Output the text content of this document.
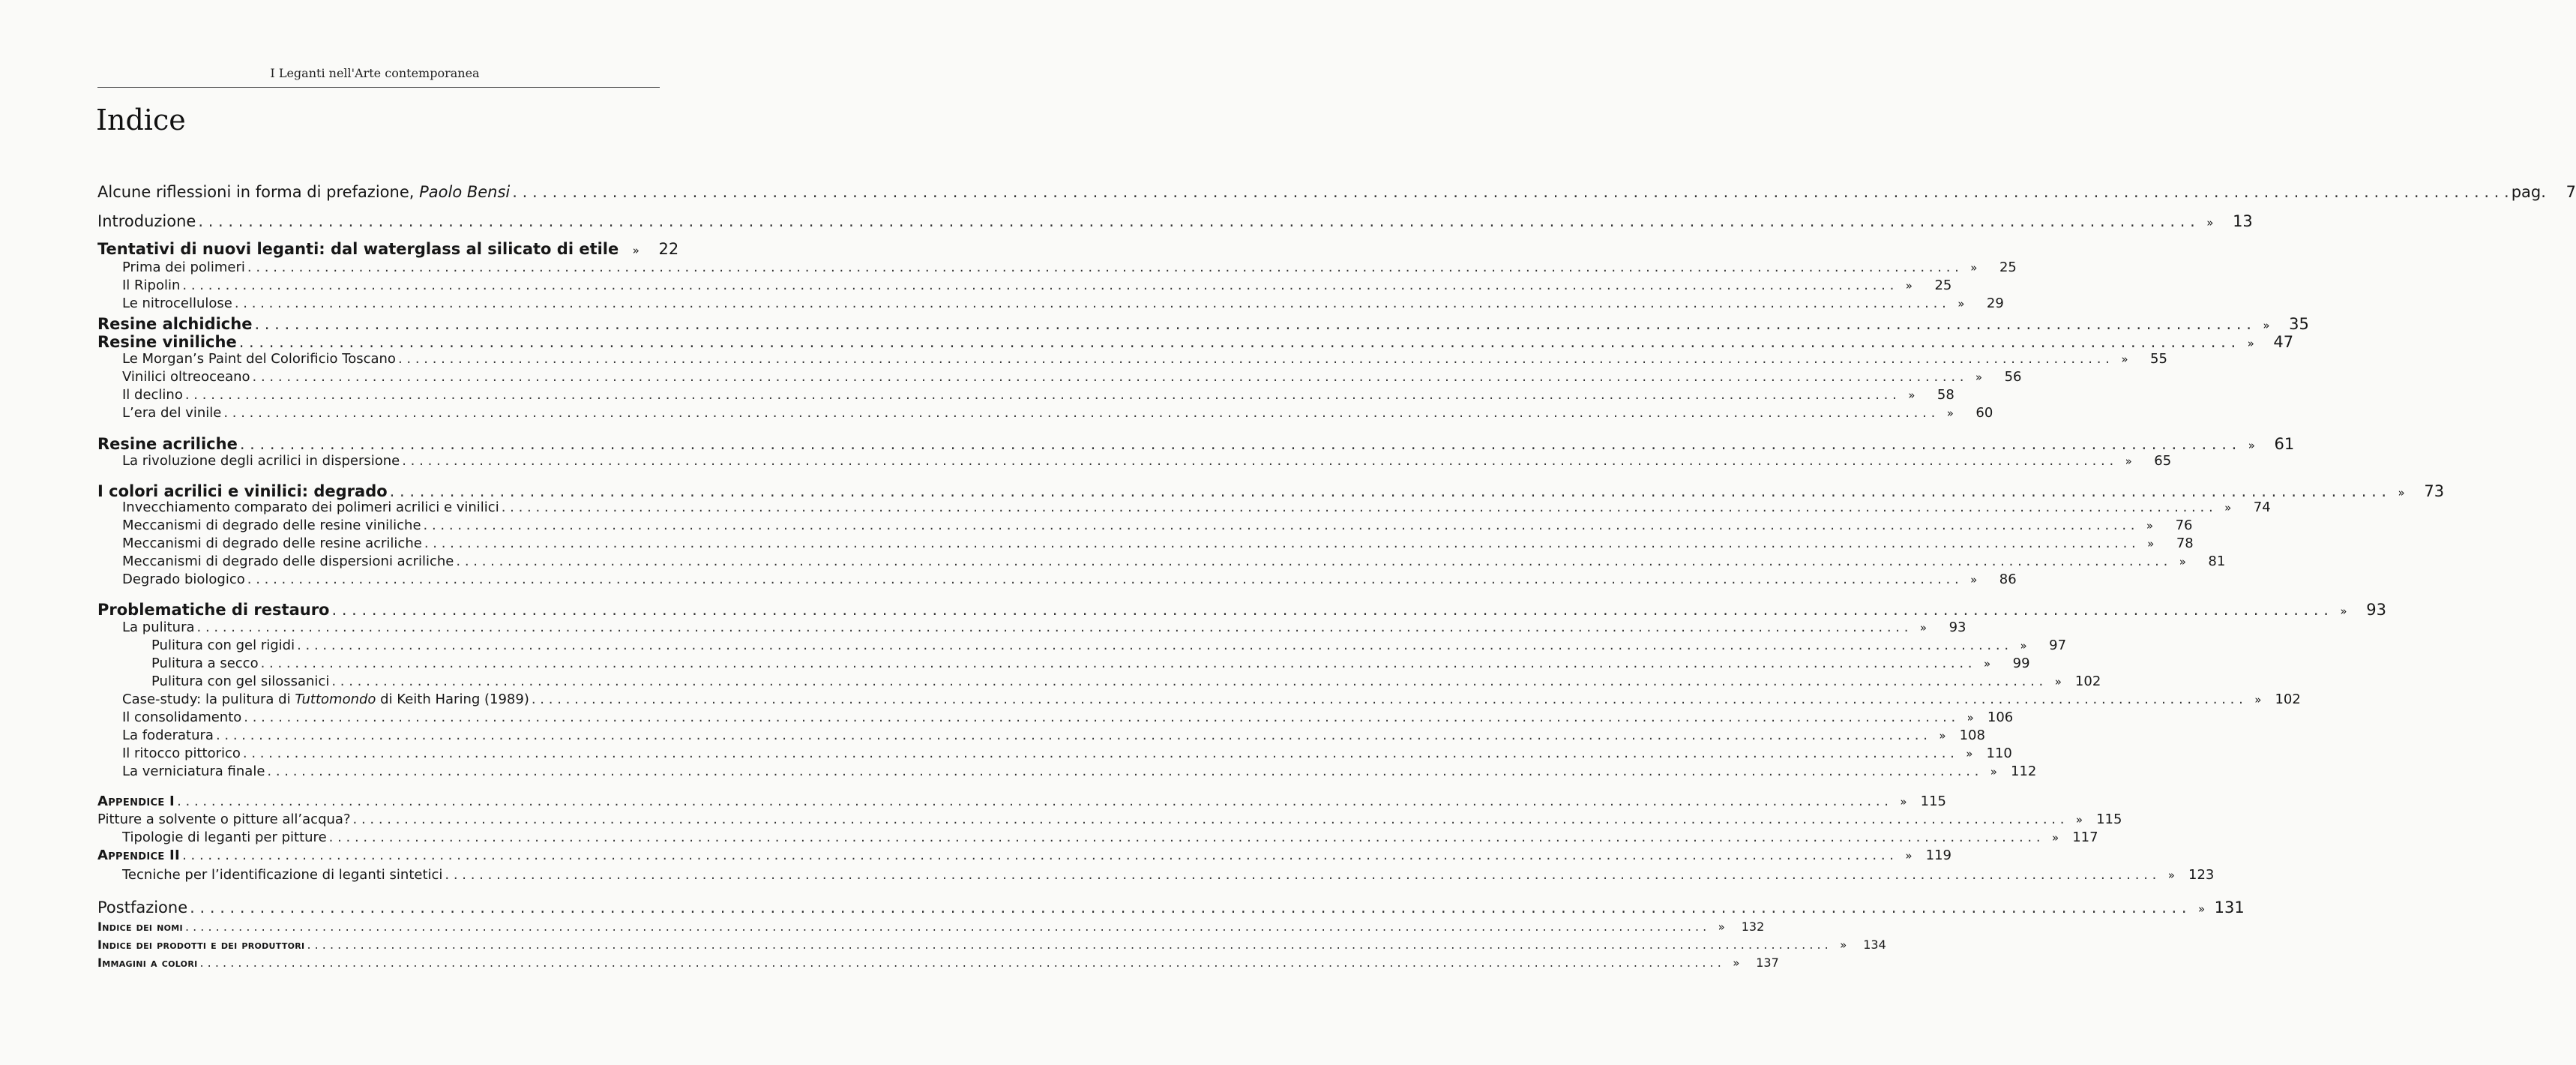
I Leganti nell'Arte contemporanea
Indice
Alcune riflessioni in forma di prefazione, Paolo Bensi . . . . . . . . . . . . . . . . . . . . . . . . . . . . . . . . . . . . . . . . . . . . . . . . . . . . . . . . . . . . . . . . . . . . . . . . . . . . . . . . . . . . . . . . . . . . . . . . . . . . . . . . . . . . . . . . . . . . . . . . . . . . . . . . . . . . . . . . . . . . . . . . . . . . . . . . . . . . . . . . . . . . . . . . . . . . . . . . . . . . . . . . . . . . . . . . . . . . . . . . pag.	7
Introduzione . . . . . . . . . . . . . . . . . . . . . . . . . . . . . . . . . . . . . . . . . . . . . . . . . . . . . . . . . . . . . . . . . . . . . . . . . . . . . . . . . . . . . . . . . . . . . . . . . . . . . . . . . . . . . . . . . . . . . . . . . . . . . . . . . . . . . . . . . . . . . . . . . . . . . . . . . . . . . . . . . . . . . . . . . . . . . . . . . . . . . . . . . . . . . . . . . . . . . . . .	»	13
Tentativi di nuovi leganti: dal waterglass al silicato di etile	»	22
Prima dei polimeri . . . . . . . . . . . . . . . . . . . . . . . . . . . . . . . . . . . . . . . . . . . . . . . . . . . . . . . . . . . . . . . . . . . . . . . . . . . . . . . . . . . . . . . . . . . . . . . . . . . . . . . . . . . . . . . . . . . . . . . . . . . . . . . . . . . . . . . . . . . . . . . . . . . . . . . . . . . . . . . . . . . . . . . . . . . . . . . . . . . . . . . . . . . . . . . . . . . . . . . .	»	25
Il Ripolin . . . . . . . . . . . . . . . . . . . . . . . . . . . . . . . . . . . . . . . . . . . . . . . . . . . . . . . . . . . . . . . . . . . . . . . . . . . . . . . . . . . . . . . . . . . . . . . . . . . . . . . . . . . . . . . . . . . . . . . . . . . . . . . . . . . . . . . . . . . . . . . . . . . . . . . . . . . . . . . . . . . . . . . . . . . . . . . . . . . . . . . . . . . . . . . . . . . . . . . .	»	25
Le nitrocellulose . . . . . . . . . . . . . . . . . . . . . . . . . . . . . . . . . . . . . . . . . . . . . . . . . . . . . . . . . . . . . . . . . . . . . . . . . . . . . . . . . . . . . . . . . . . . . . . . . . . . . . . . . . . . . . . . . . . . . . . . . . . . . . . . . . . . . . . . . . . . . . . . . . . . . . . . . . . . . . . . . . . . . . . . . . . . . . . . . . . . . . . . . . . . . . . . . . . . . . . .	»	29
Resine alchidiche . . . . . . . . . . . . . . . . . . . . . . . . . . . . . . . . . . . . . . . . . . . . . . . . . . . . . . . . . . . . . . . . . . . . . . . . . . . . . . . . . . . . . . . . . . . . . . . . . . . . . . . . . . . . . . . . . . . . . . . . . . . . . . . . . . . . . . . . . . . . . . . . . . . . . . . . . . . . . . . . . . . . . . . . . . . . . . . . . . . . . . . . . . . . . . . . . . . . . . . .	»	35
Resine viniliche . . . . . . . . . . . . . . . . . . . . . . . . . . . . . . . . . . . . . . . . . . . . . . . . . . . . . . . . . . . . . . . . . . . . . . . . . . . . . . . . . . . . . . . . . . . . . . . . . . . . . . . . . . . . . . . . . . . . . . . . . . . . . . . . . . . . . . . . . . . . . . . . . . . . . . . . . . . . . . . . . . . . . . . . . . . . . . . . . . . . . . . . . . . . . . . . . . . . . . . .	»	47
Le Morgan’s Paint del Colorificio Toscano . . . . . . . . . . . . . . . . . . . . . . . . . . . . . . . . . . . . . . . . . . . . . . . . . . . . . . . . . . . . . . . . . . . . . . . . . . . . . . . . . . . . . . . . . . . . . . . . . . . . . . . . . . . . . . . . . . . . . . . . . . . . . . . . . . . . . . . . . . . . . . . . . . . . . . . . . . . . . . . . . . . . . . . . . . . . . . . . . . . . . . . . . . . . . . . . . . . . . . . .	»	55
Vinilici oltreoceano . . . . . . . . . . . . . . . . . . . . . . . . . . . . . . . . . . . . . . . . . . . . . . . . . . . . . . . . . . . . . . . . . . . . . . . . . . . . . . . . . . . . . . . . . . . . . . . . . . . . . . . . . . . . . . . . . . . . . . . . . . . . . . . . . . . . . . . . . . . . . . . . . . . . . . . . . . . . . . . . . . . . . . . . . . . . . . . . . . . . . . . . . . . . . . . . . . . . . . . .	»	56
Il declino . . . . . . . . . . . . . . . . . . . . . . . . . . . . . . . . . . . . . . . . . . . . . . . . . . . . . . . . . . . . . . . . . . . . . . . . . . . . . . . . . . . . . . . . . . . . . . . . . . . . . . . . . . . . . . . . . . . . . . . . . . . . . . . . . . . . . . . . . . . . . . . . . . . . . . . . . . . . . . . . . . . . . . . . . . . . . . . . . . . . . . . . . . . . . . . . . . . . . . . .	»	58
L’era del vinile . . . . . . . . . . . . . . . . . . . . . . . . . . . . . . . . . . . . . . . . . . . . . . . . . . . . . . . . . . . . . . . . . . . . . . . . . . . . . . . . . . . . . . . . . . . . . . . . . . . . . . . . . . . . . . . . . . . . . . . . . . . . . . . . . . . . . . . . . . . . . . . . . . . . . . . . . . . . . . . . . . . . . . . . . . . . . . . . . . . . . . . . . . . . . . . . . . . . . . . .	»	60
Resine acriliche . . . . . . . . . . . . . . . . . . . . . . . . . . . . . . . . . . . . . . . . . . . . . . . . . . . . . . . . . . . . . . . . . . . . . . . . . . . . . . . . . . . . . . . . . . . . . . . . . . . . . . . . . . . . . . . . . . . . . . . . . . . . . . . . . . . . . . . . . . . . . . . . . . . . . . . . . . . . . . . . . . . . . . . . . . . . . . . . . . . . . . . . . . . . . . . . . . . . . . . .	»	61
La rivoluzione degli acrilici in dispersione . . . . . . . . . . . . . . . . . . . . . . . . . . . . . . . . . . . . . . . . . . . . . . . . . . . . . . . . . . . . . . . . . . . . . . . . . . . . . . . . . . . . . . . . . . . . . . . . . . . . . . . . . . . . . . . . . . . . . . . . . . . . . . . . . . . . . . . . . . . . . . . . . . . . . . . . . . . . . . . . . . . . . . . . . . . . . . . . . . . . . . . . . . . . . . . . . . . . . . . .	»	65
I colori acrilici e vinilici: degrado . . . . . . . . . . . . . . . . . . . . . . . . . . . . . . . . . . . . . . . . . . . . . . . . . . . . . . . . . . . . . . . . . . . . . . . . . . . . . . . . . . . . . . . . . . . . . . . . . . . . . . . . . . . . . . . . . . . . . . . . . . . . . . . . . . . . . . . . . . . . . . . . . . . . . . . . . . . . . . . . . . . . . . . . . . . . . . . . . . . . . . . . . . . . . . . . . . . . . . . .	»	73
Invecchiamento comparato dei polimeri acrilici e vinilici . . . . . . . . . . . . . . . . . . . . . . . . . . . . . . . . . . . . . . . . . . . . . . . . . . . . . . . . . . . . . . . . . . . . . . . . . . . . . . . . . . . . . . . . . . . . . . . . . . . . . . . . . . . . . . . . . . . . . . . . . . . . . . . . . . . . . . . . . . . . . . . . . . . . . . . . . . . . . . . . . . . . . . . . . . . . . . . . . . . . . . . . . . . . . . . . . . . . . . . .	»	74
Meccanismi di degrado delle resine viniliche . . . . . . . . . . . . . . . . . . . . . . . . . . . . . . . . . . . . . . . . . . . . . . . . . . . . . . . . . . . . . . . . . . . . . . . . . . . . . . . . . . . . . . . . . . . . . . . . . . . . . . . . . . . . . . . . . . . . . . . . . . . . . . . . . . . . . . . . . . . . . . . . . . . . . . . . . . . . . . . . . . . . . . . . . . . . . . . . . . . . . . . . . . . . . . . . . . . . . . . .	»	76
Meccanismi di degrado delle resine acriliche . . . . . . . . . . . . . . . . . . . . . . . . . . . . . . . . . . . . . . . . . . . . . . . . . . . . . . . . . . . . . . . . . . . . . . . . . . . . . . . . . . . . . . . . . . . . . . . . . . . . . . . . . . . . . . . . . . . . . . . . . . . . . . . . . . . . . . . . . . . . . . . . . . . . . . . . . . . . . . . . . . . . . . . . . . . . . . . . . . . . . . . . . . . . . . . . . . . . . . . .	»	78
Meccanismi di degrado delle dispersioni acriliche . . . . . . . . . . . . . . . . . . . . . . . . . . . . . . . . . . . . . . . . . . . . . . . . . . . . . . . . . . . . . . . . . . . . . . . . . . . . . . . . . . . . . . . . . . . . . . . . . . . . . . . . . . . . . . . . . . . . . . . . . . . . . . . . . . . . . . . . . . . . . . . . . . . . . . . . . . . . . . . . . . . . . . . . . . . . . . . . . . . . . . . . . . . . . . . . . . . . . . . .	»	81
Degrado biologico . . . . . . . . . . . . . . . . . . . . . . . . . . . . . . . . . . . . . . . . . . . . . . . . . . . . . . . . . . . . . . . . . . . . . . . . . . . . . . . . . . . . . . . . . . . . . . . . . . . . . . . . . . . . . . . . . . . . . . . . . . . . . . . . . . . . . . . . . . . . . . . . . . . . . . . . . . . . . . . . . . . . . . . . . . . . . . . . . . . . . . . . . . . . . . . . . . . . . . . .	»	86
Problematiche di restauro . . . . . . . . . . . . . . . . . . . . . . . . . . . . . . . . . . . . . . . . . . . . . . . . . . . . . . . . . . . . . . . . . . . . . . . . . . . . . . . . . . . . . . . . . . . . . . . . . . . . . . . . . . . . . . . . . . . . . . . . . . . . . . . . . . . . . . . . . . . . . . . . . . . . . . . . . . . . . . . . . . . . . . . . . . . . . . . . . . . . . . . . . . . . . . . . . . . . . . . .	»	93
La pulitura . . . . . . . . . . . . . . . . . . . . . . . . . . . . . . . . . . . . . . . . . . . . . . . . . . . . . . . . . . . . . . . . . . . . . . . . . . . . . . . . . . . . . . . . . . . . . . . . . . . . . . . . . . . . . . . . . . . . . . . . . . . . . . . . . . . . . . . . . . . . . . . . . . . . . . . . . . . . . . . . . . . . . . . . . . . . . . . . . . . . . . . . . . . . . . . . . . . . . . . .	»	93
Pulitura con gel rigidi . . . . . . . . . . . . . . . . . . . . . . . . . . . . . . . . . . . . . . . . . . . . . . . . . . . . . . . . . . . . . . . . . . . . . . . . . . . . . . . . . . . . . . . . . . . . . . . . . . . . . . . . . . . . . . . . . . . . . . . . . . . . . . . . . . . . . . . . . . . . . . . . . . . . . . . . . . . . . . . . . . . . . . . . . . . . . . . . . . . . . . . . . . . . . . . . . . . . . . . .	»	97
Pulitura a secco . . . . . . . . . . . . . . . . . . . . . . . . . . . . . . . . . . . . . . . . . . . . . . . . . . . . . . . . . . . . . . . . . . . . . . . . . . . . . . . . . . . . . . . . . . . . . . . . . . . . . . . . . . . . . . . . . . . . . . . . . . . . . . . . . . . . . . . . . . . . . . . . . . . . . . . . . . . . . . . . . . . . . . . . . . . . . . . . . . . . . . . . . . . . . . . . . . . . . . . .	»	99
Pulitura con gel silossanici . . . . . . . . . . . . . . . . . . . . . . . . . . . . . . . . . . . . . . . . . . . . . . . . . . . . . . . . . . . . . . . . . . . . . . . . . . . . . . . . . . . . . . . . . . . . . . . . . . . . . . . . . . . . . . . . . . . . . . . . . . . . . . . . . . . . . . . . . . . . . . . . . . . . . . . . . . . . . . . . . . . . . . . . . . . . . . . . . . . . . . . . . . . . . . . . . . . . . . . .	»	102
Case-study: la pulitura di Tuttomondo di Keith Haring (1989) . . . . . . . . . . . . . . . . . . . . . . . . . . . . . . . . . . . . . . . . . . . . . . . . . . . . . . . . . . . . . . . . . . . . . . . . . . . . . . . . . . . . . . . . . . . . . . . . . . . . . . . . . . . . . . . . . . . . . . . . . . . . . . . . . . . . . . . . . . . . . . . . . . . . . . . . . . . . . . . . . . . . . . . . . . . . . . . . . . . . . . . . . . . . . . . . . . . . . . . .	»	102
Il consolidamento . . . . . . . . . . . . . . . . . . . . . . . . . . . . . . . . . . . . . . . . . . . . . . . . . . . . . . . . . . . . . . . . . . . . . . . . . . . . . . . . . . . . . . . . . . . . . . . . . . . . . . . . . . . . . . . . . . . . . . . . . . . . . . . . . . . . . . . . . . . . . . . . . . . . . . . . . . . . . . . . . . . . . . . . . . . . . . . . . . . . . . . . . . . . . . . . . . . . . . . .	»	106
La foderatura . . . . . . . . . . . . . . . . . . . . . . . . . . . . . . . . . . . . . . . . . . . . . . . . . . . . . . . . . . . . . . . . . . . . . . . . . . . . . . . . . . . . . . . . . . . . . . . . . . . . . . . . . . . . . . . . . . . . . . . . . . . . . . . . . . . . . . . . . . . . . . . . . . . . . . . . . . . . . . . . . . . . . . . . . . . . . . . . . . . . . . . . . . . . . . . . . . . . . . . .	»	108
Il ritocco pittorico . . . . . . . . . . . . . . . . . . . . . . . . . . . . . . . . . . . . . . . . . . . . . . . . . . . . . . . . . . . . . . . . . . . . . . . . . . . . . . . . . . . . . . . . . . . . . . . . . . . . . . . . . . . . . . . . . . . . . . . . . . . . . . . . . . . . . . . . . . . . . . . . . . . . . . . . . . . . . . . . . . . . . . . . . . . . . . . . . . . . . . . . . . . . . . . . . . . . . . . .	»	110
La verniciatura finale . . . . . . . . . . . . . . . . . . . . . . . . . . . . . . . . . . . . . . . . . . . . . . . . . . . . . . . . . . . . . . . . . . . . . . . . . . . . . . . . . . . . . . . . . . . . . . . . . . . . . . . . . . . . . . . . . . . . . . . . . . . . . . . . . . . . . . . . . . . . . . . . . . . . . . . . . . . . . . . . . . . . . . . . . . . . . . . . . . . . . . . . . . . . . . . . . . . . . . . .	»	112
Appendice I . . . . . . . . . . . . . . . . . . . . . . . . . . . . . . . . . . . . . . . . . . . . . . . . . . . . . . . . . . . . . . . . . . . . . . . . . . . . . . . . . . . . . . . . . . . . . . . . . . . . . . . . . . . . . . . . . . . . . . . . . . . . . . . . . . . . . . . . . . . . . . . . . . . . . . . . . . . . . . . . . . . . . . . . . . . . . . . . . . . . . . . . . . . . . . . . . . . . . . . .	»	115
Pitture a solvente o pitture all’acqua? . . . . . . . . . . . . . . . . . . . . . . . . . . . . . . . . . . . . . . . . . . . . . . . . . . . . . . . . . . . . . . . . . . . . . . . . . . . . . . . . . . . . . . . . . . . . . . . . . . . . . . . . . . . . . . . . . . . . . . . . . . . . . . . . . . . . . . . . . . . . . . . . . . . . . . . . . . . . . . . . . . . . . . . . . . . . . . . . . . . . . . . . . . . . . . . . . . . . . . . .	»	115
Tipologie di leganti per pitture . . . . . . . . . . . . . . . . . . . . . . . . . . . . . . . . . . . . . . . . . . . . . . . . . . . . . . . . . . . . . . . . . . . . . . . . . . . . . . . . . . . . . . . . . . . . . . . . . . . . . . . . . . . . . . . . . . . . . . . . . . . . . . . . . . . . . . . . . . . . . . . . . . . . . . . . . . . . . . . . . . . . . . . . . . . . . . . . . . . . . . . . . . . . . . . . . . . . . . . .	»	117
Appendice II . . . . . . . . . . . . . . . . . . . . . . . . . . . . . . . . . . . . . . . . . . . . . . . . . . . . . . . . . . . . . . . . . . . . . . . . . . . . . . . . . . . . . . . . . . . . . . . . . . . . . . . . . . . . . . . . . . . . . . . . . . . . . . . . . . . . . . . . . . . . . . . . . . . . . . . . . . . . . . . . . . . . . . . . . . . . . . . . . . . . . . . . . . . . . . . . . . . . . . . .	»	119
Tecniche per l’identificazione di leganti sintetici . . . . . . . . . . . . . . . . . . . . . . . . . . . . . . . . . . . . . . . . . . . . . . . . . . . . . . . . . . . . . . . . . . . . . . . . . . . . . . . . . . . . . . . . . . . . . . . . . . . . . . . . . . . . . . . . . . . . . . . . . . . . . . . . . . . . . . . . . . . . . . . . . . . . . . . . . . . . . . . . . . . . . . . . . . . . . . . . . . . . . . . . . . . . . . . . . . . . . . . .	»	123
Postfazione . . . . . . . . . . . . . . . . . . . . . . . . . . . . . . . . . . . . . . . . . . . . . . . . . . . . . . . . . . . . . . . . . . . . . . . . . . . . . . . . . . . . . . . . . . . . . . . . . . . . . . . . . . . . . . . . . . . . . . . . . . . . . . . . . . . . . . . . . . . . . . . . . . . . . . . . . . . . . . . . . . . . . . . . . . . . . . . . . . . . . . . . . . . . . . . . . . . . . . . .	» 131
Indice dei nomi . . . . . . . . . . . . . . . . . . . . . . . . . . . . . . . . . . . . . . . . . . . . . . . . . . . . . . . . . . . . . . . . . . . . . . . . . . . . . . . . . . . . . . . . . . . . . . . . . . . . . . . . . . . . . . . . . . . . . . . . . . . . . . . . . . . . . . . . . . . . . . . . . . . . . . . . . . . . . . . . . . . . . . . . . . . . . . . . . . . . . . . . . . . . . . . . . . . . . . . .	»	132
Indice dei prodotti e dei produttori . . . . . . . . . . . . . . . . . . . . . . . . . . . . . . . . . . . . . . . . . . . . . . . . . . . . . . . . . . . . . . . . . . . . . . . . . . . . . . . . . . . . . . . . . . . . . . . . . . . . . . . . . . . . . . . . . . . . . . . . . . . . . . . . . . . . . . . . . . . . . . . . . . . . . . . . . . . . . . . . . . . . . . . . . . . . . . . . . . . . . . . . . . . . . . . . . . . . . . . .	»	134
Immagini a colori . . . . . . . . . . . . . . . . . . . . . . . . . . . . . . . . . . . . . . . . . . . . . . . . . . . . . . . . . . . . . . . . . . . . . . . . . . . . . . . . . . . . . . . . . . . . . . . . . . . . . . . . . . . . . . . . . . . . . . . . . . . . . . . . . . . . . . . . . . . . . . . . . . . . . . . . . . . . . . . . . . . . . . . . . . . . . . . . . . . . . . . . . . . . . . . . . . . . . . . .	»	137
